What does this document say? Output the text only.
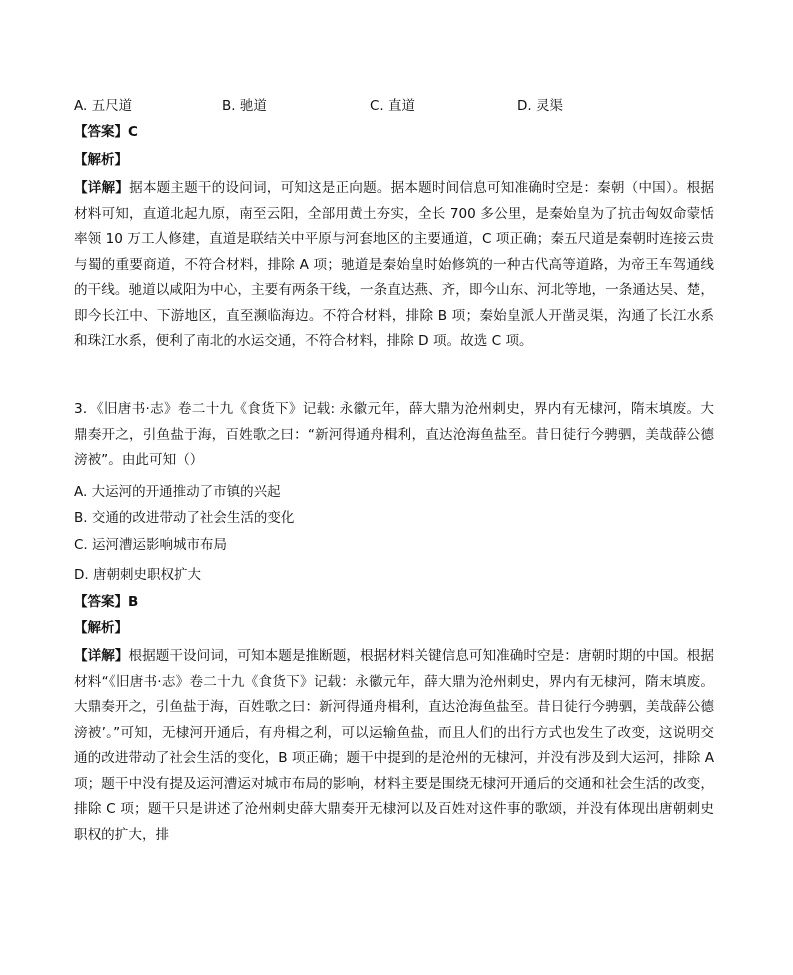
A. 五尺道	B. 驰道	C. 直道	D. 灵渠
【答案】C
【解析】
【详解】据本题主题干的设问词，可知这是正向题。据本题时间信息可知准确时空是：秦朝（中国）。根据材料可知，直道北起九原，南至云阳，全部用黄土夯实，全长 700 多公里，是秦始皇为了抗击匈奴命蒙恬率领 10 万工人修建，直道是联结关中平原与河套地区的主要通道，C 项正确；秦五尺道是秦朝时连接云贵与蜀的重要商道，不符合材料，排除 A 项；驰道是秦始皇时始修筑的一种古代高等道路，为帝王车驾通线的干线。驰道以咸阳为中心，主要有两条干线，一条直达燕、齐，即今山东、河北等地，一条通达吴、楚，即今长江中、下游地区，直至濒临海边。不符合材料，排除 B 项；秦始皇派人开凿灵渠，沟通了长江水系和珠江水系，便利了南北的水运交通，不符合材料，排除 D 项。故选 C 项。
3．《旧唐书·志》卷二十九《食货下》记载: 永徽元年，薛大鼎为沧州刺史，界内有无棣河，隋末填废。大鼎奏开之，引鱼盐于海，百姓歌之曰：“新河得通舟楫利，直达沧海鱼盐至。昔日徒行今骋驷，美哉薛公德滂被”。由此可知（）
A. 大运河的开通推动了市镇的兴起
B. 交通的改进带动了社会生活的变化
C. 运河漕运影响城市布局
D. 唐朝刺史职权扩大
【答案】B
【解析】
【详解】根据题干设问词，可知本题是推断题，根据材料关键信息可知准确时空是：唐朝时期的中国。根据材料“《旧唐书·志》卷二十九《食货下》记载：永徽元年，薛大鼎为沧州刺史，界内有无棣河，隋末填废。大鼎奏开之，引鱼盐于海，百姓歌之曰：新河得通舟楫利，直达沧海鱼盐至。昔日徒行今骋驷，美哉薛公德滂被’。”可知，无棣河开通后，有舟楫之利，可以运输鱼盐，而且人们的出行方式也发生了改变，这说明交通的改进带动了社会生活的变化，B 项正确；题干中提到的是沧州的无棣河，并没有涉及到大运河，排除 A 项；题干中没有提及运河漕运对城市布局的影响，材料主要是围绕无棣河开通后的交通和社会生活的改变，排除 C 项；题干只是讲述了沧州刺史薛大鼎奏开无棣河以及百姓对这件事的歌颂，并没有体现出唐朝刺史职权的扩大，排
